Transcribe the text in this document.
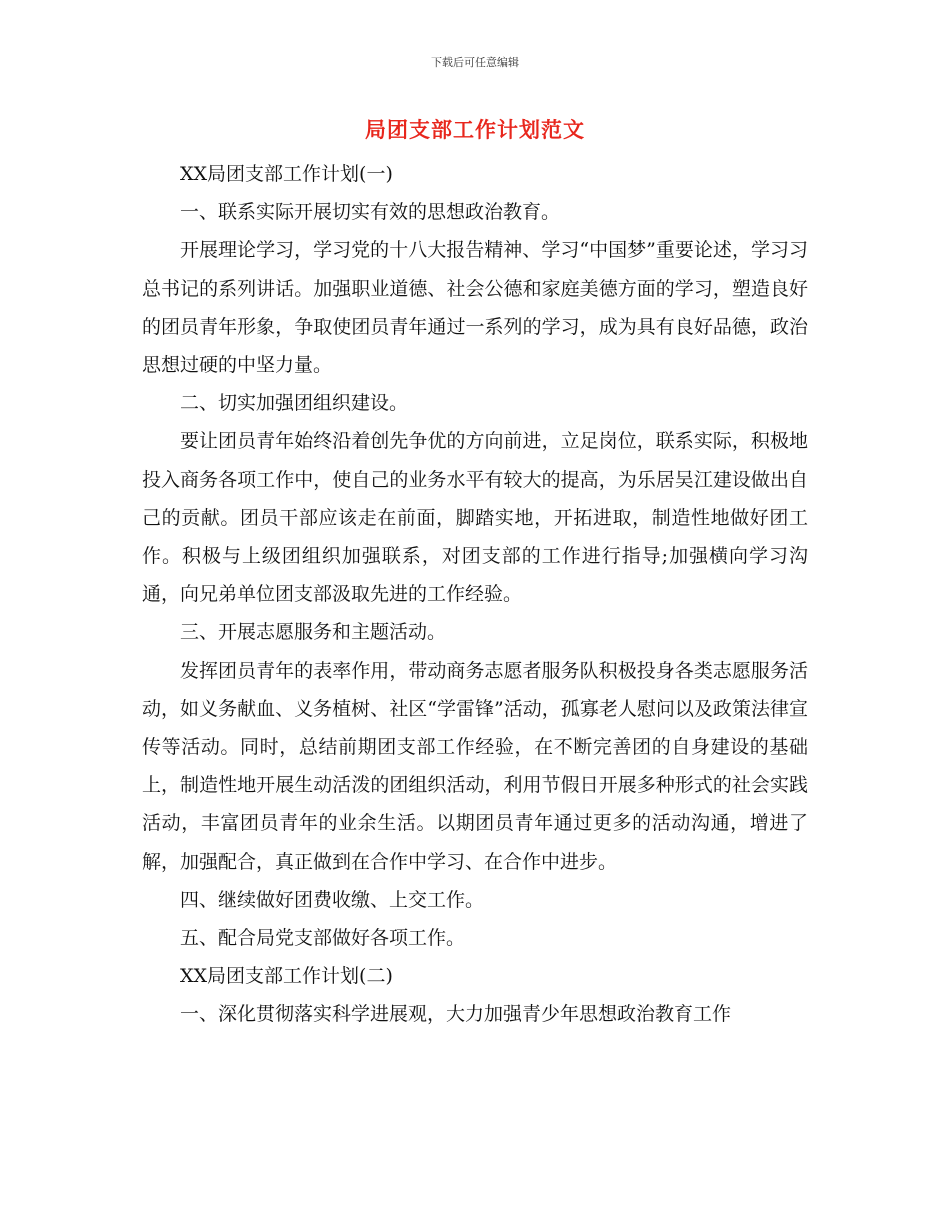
下载后可任意编辑
局团支部工作计划范文

XX局团支部工作计划(一)

一、联系实际开展切实有效的思想政治教育。

开展理论学习，学习党的十八大报告精神、学习“中国梦”重要论述，学习习总书记的系列讲话。加强职业道德、社会公德和家庭美德方面的学习，塑造良好的团员青年形象，争取使团员青年通过一系列的学习，成为具有良好品德，政治思想过硬的中坚力量。

二、切实加强团组织建设。

要让团员青年始终沿着创先争优的方向前进，立足岗位，联系实际，积极地投入商务各项工作中，使自己的业务水平有较大的提高，为乐居吴江建设做出自己的贡献。团员干部应该走在前面，脚踏实地，开拓进取，制造性地做好团工作。积极与上级团组织加强联系，对团支部的工作进行指导;加强横向学习沟通，向兄弟单位团支部汲取先进的工作经验。

三、开展志愿服务和主题活动。

发挥团员青年的表率作用，带动商务志愿者服务队积极投身各类志愿服务活动，如义务献血、义务植树、社区“学雷锋”活动，孤寡老人慰问以及政策法律宣传等活动。同时，总结前期团支部工作经验，在不断完善团的自身建设的基础上，制造性地开展生动活泼的团组织活动，利用节假日开展多种形式的社会实践活动，丰富团员青年的业余生活。以期团员青年通过更多的活动沟通，增进了解，加强配合，真正做到在合作中学习、在合作中进步。

四、继续做好团费收缴、上交工作。

五、配合局党支部做好各项工作。

XX局团支部工作计划(二)

一、深化贯彻落实科学进展观，大力加强青少年思想政治教育工作
